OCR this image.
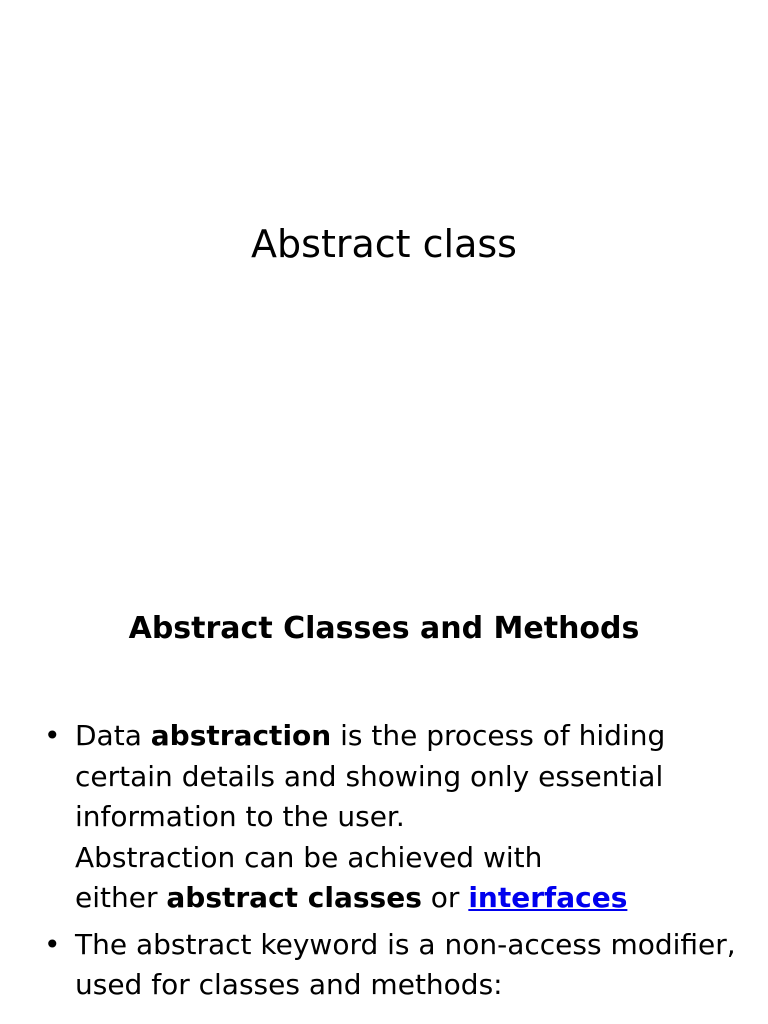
Abstract class
Abstract Classes and Methods
• Data abstraction is the process of hiding
certain details and showing only essential
information to the user.
Abstraction can be achieved with
either abstract classes or interfaces
• The abstract keyword is a non-access modifier,
used for classes and methods:
